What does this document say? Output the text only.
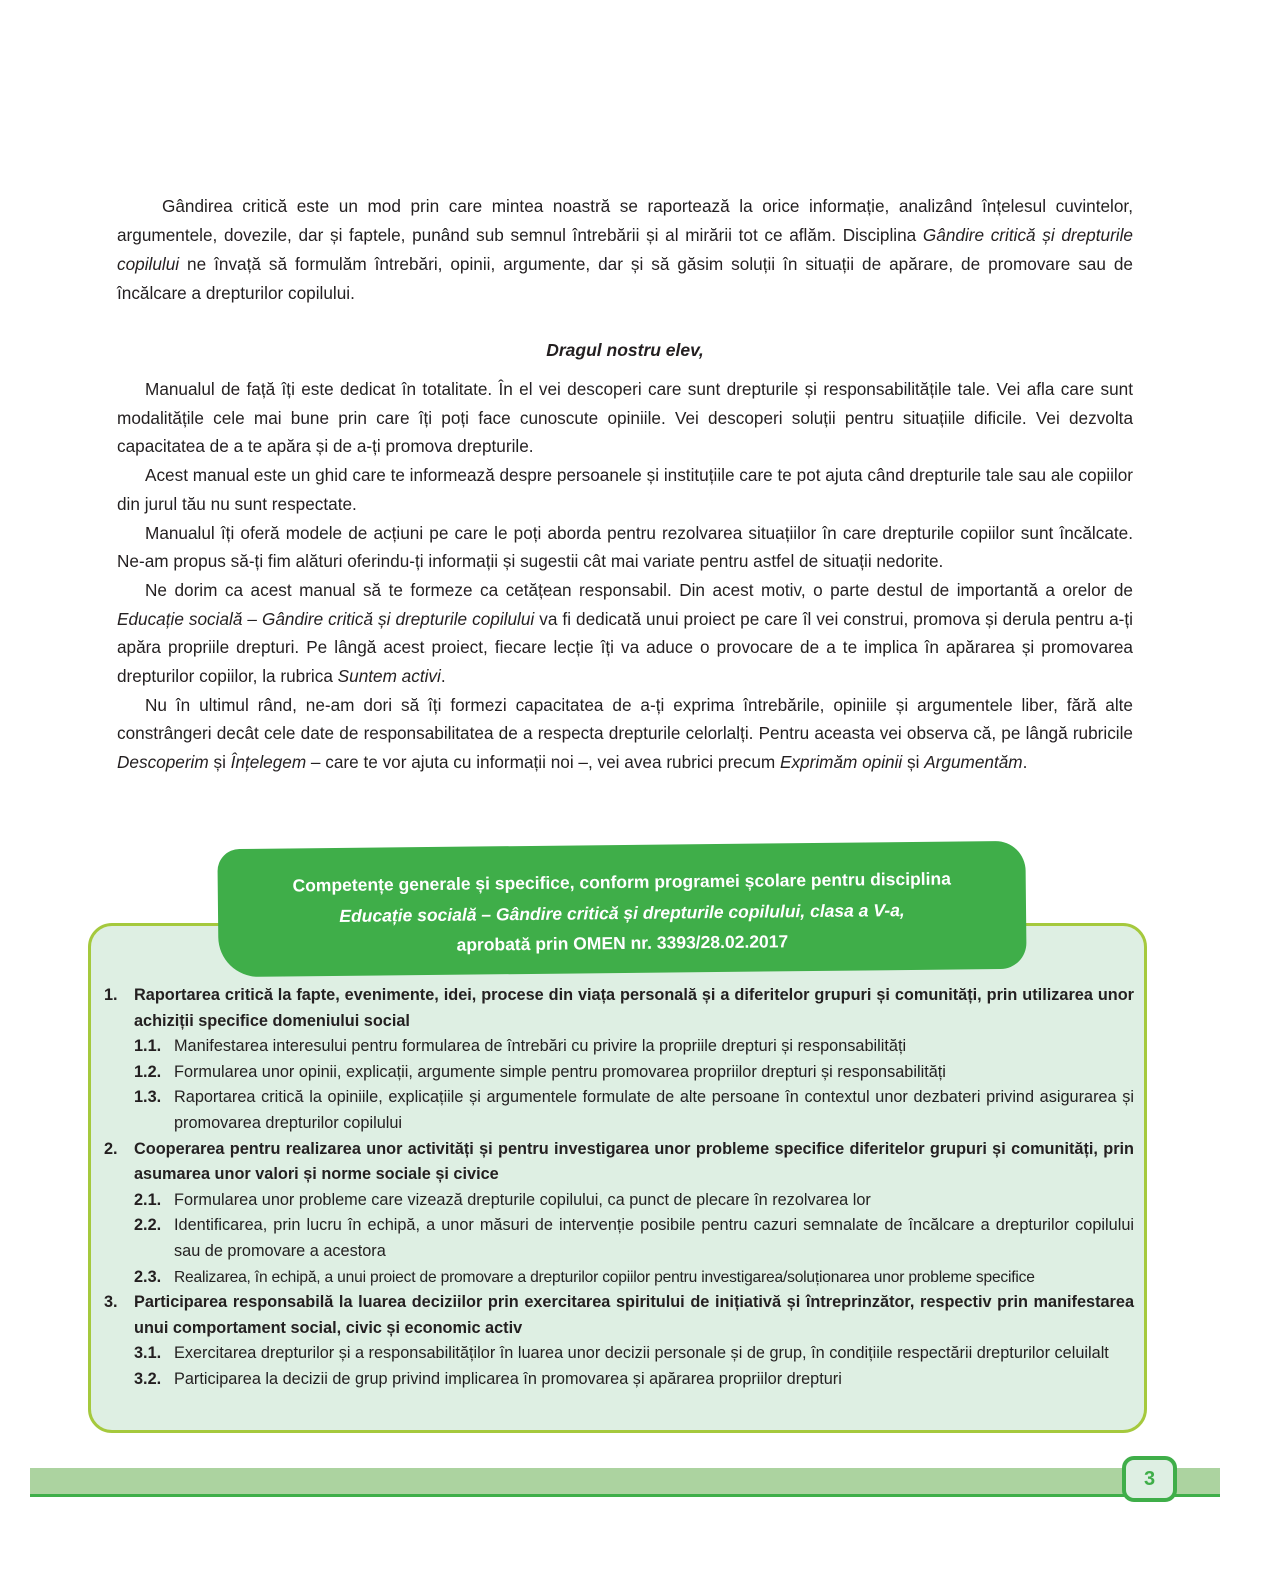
Gândirea critică este un mod prin care mintea noastră se raportează la orice informație, analizând înțelesul cuvintelor, argumentele, dovezile, dar și faptele, punând sub semnul întrebării și al mirării tot ce aflăm. Disciplina Gândire critică și drepturile copilului ne învață să formulăm întrebări, opinii, argumente, dar și să găsim soluții în situații de apărare, de promovare sau de încălcare a drepturilor copilului.

Dragul nostru elev,

Manualul de față îți este dedicat în totalitate. În el vei descoperi care sunt drepturile și responsabilitățile tale. Vei afla care sunt modalitățile cele mai bune prin care îți poți face cunoscute opiniile. Vei descoperi soluții pentru situațiile dificile. Vei dezvolta capacitatea de a te apăra și de a-ți promova drepturile.

Acest manual este un ghid care te informează despre persoanele și instituțiile care te pot ajuta când drepturile tale sau ale copiilor din jurul tău nu sunt respectate.

Manualul îți oferă modele de acțiuni pe care le poți aborda pentru rezolvarea situațiilor în care drepturile copiilor sunt încălcate. Ne-am propus să-ți fim alături oferindu-ți informații și sugestii cât mai variate pentru astfel de situații nedorite.

Ne dorim ca acest manual să te formeze ca cetățean responsabil. Din acest motiv, o parte destul de importantă a orelor de Educație socială – Gândire critică și drepturile copilului va fi dedicată unui proiect pe care îl vei construi, promova și derula pentru a-ți apăra propriile drepturi. Pe lângă acest proiect, fiecare lecție îți va aduce o provocare de a te implica în apărarea și promovarea drepturilor copiilor, la rubrica Suntem activi.

Nu în ultimul rând, ne-am dori să îți formezi capacitatea de a-ți exprima întrebările, opiniile și argumentele liber, fără alte constrângeri decât cele date de responsabilitatea de a respecta drepturile celorlalți. Pentru aceasta vei observa că, pe lângă rubricile Descoperim și Înțelegem – care te vor ajuta cu informații noi –, vei avea rubrici precum Exprimăm opinii și Argumentăm.

Competențe generale și specifice, conform programei școlare pentru disciplina
Educație socială – Gândire critică și drepturile copilului, clasa a V-a,
aprobată prin OMEN nr. 3393/28.02.2017
1.	Raportarea critică la fapte, evenimente, idei, procese din viața personală și a diferitelor grupuri și comunități, prin utilizarea unor achiziții specifice domeniului social
1.1. Manifestarea interesului pentru formularea de întrebări cu privire la propriile drepturi și responsabilități
1.2. Formularea unor opinii, explicații, argumente simple pentru promovarea propriilor drepturi și responsabilități
1.3. Raportarea critică la opiniile, explicațiile și argumentele formulate de alte persoane în contextul unor dezbateri privind asigurarea și promovarea drepturilor copilului
2.	Cooperarea pentru realizarea unor activități și pentru investigarea unor probleme specifice diferitelor grupuri și comunități, prin asumarea unor valori și norme sociale și civice
2.1. Formularea unor probleme care vizează drepturile copilului, ca punct de plecare în rezolvarea lor
2.2. Identificarea, prin lucru în echipă, a unor măsuri de intervenție posibile pentru cazuri semnalate de încălcare a drepturilor copilului sau de promovare a acestora
2.3. Realizarea, în echipă, a unui proiect de promovare a drepturilor copiilor pentru investigarea/soluționarea unor probleme specifice
3.	Participarea responsabilă la luarea deciziilor prin exercitarea spiritului de inițiativă și întreprinzător, respectiv prin manifestarea unui comportament social, civic și economic activ
3.1. Exercitarea drepturilor și a responsabilităților în luarea unor decizii personale și de grup, în condițiile respectării drepturilor celuilalt
3.2. Participarea la decizii de grup privind implicarea în promovarea și apărarea propriilor drepturi
3
